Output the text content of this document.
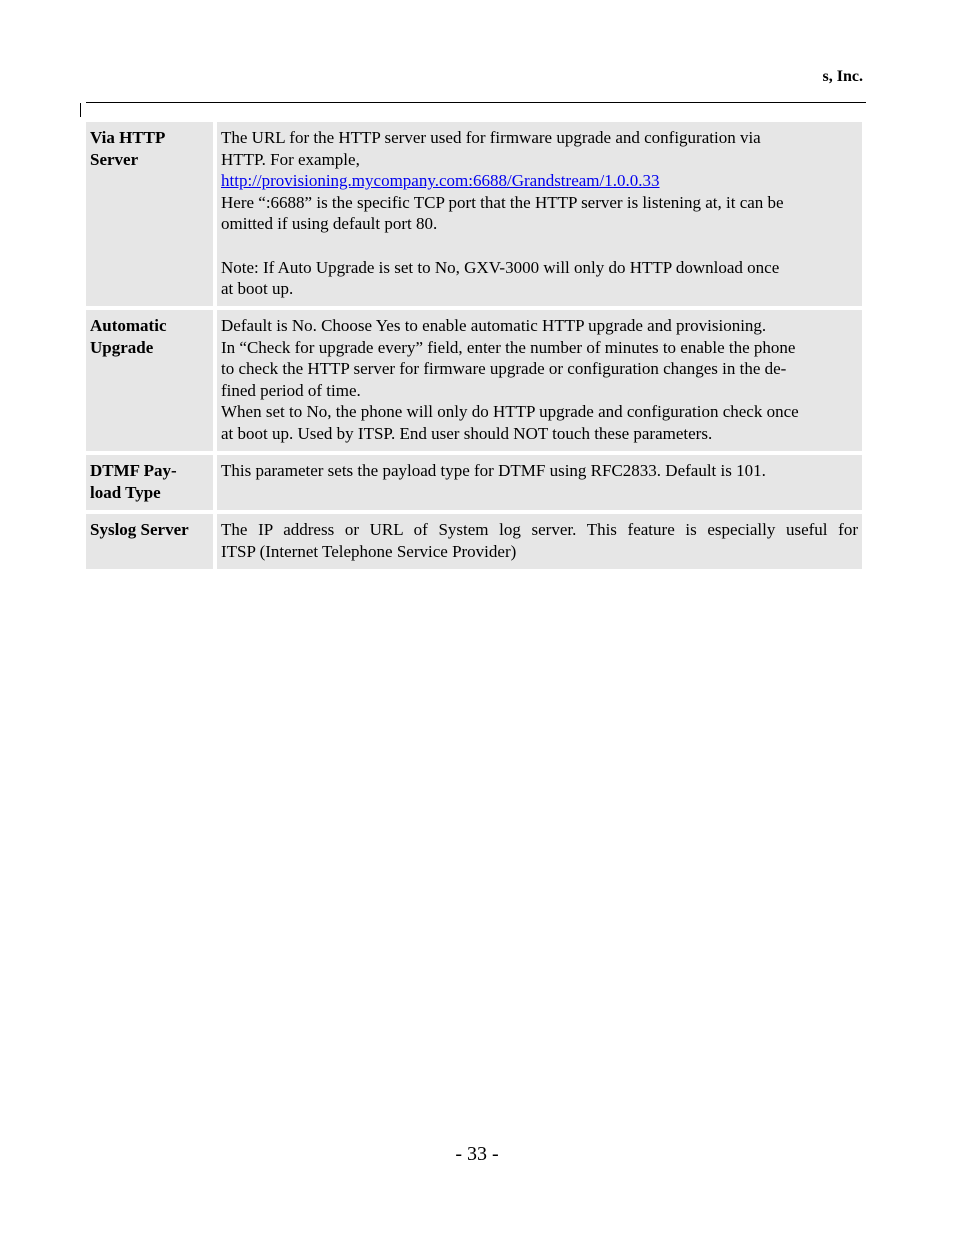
s, Inc.
Via HTTP
Server
The URL for the HTTP server used for firmware upgrade and configuration via
HTTP. For example,
http://provisioning.mycompany.com:6688/Grandstream/1.0.0.33
Here “:6688” is the specific TCP port that the HTTP server is listening at, it can be
omitted if using default port 80.
Note: If Auto Upgrade is set to No, GXV-3000 will only do HTTP download once
at boot up.
Automatic
Upgrade
Default is No. Choose Yes to enable automatic HTTP upgrade and provisioning.
In “Check for upgrade every” field, enter the number of minutes to enable the phone
to check the HTTP server for firmware upgrade or configuration changes in the de-
fined period of time.
When set to No, the phone will only do HTTP upgrade and configuration check once
at boot up. Used by ITSP. End user should NOT touch these parameters.
DTMF Pay-
load Type
This parameter sets the payload type for DTMF using RFC2833. Default is 101.
Syslog Server	The IP address or URL of System log server. This feature is especially useful for
ITSP (Internet Telephone Service Provider)
- 33 -
